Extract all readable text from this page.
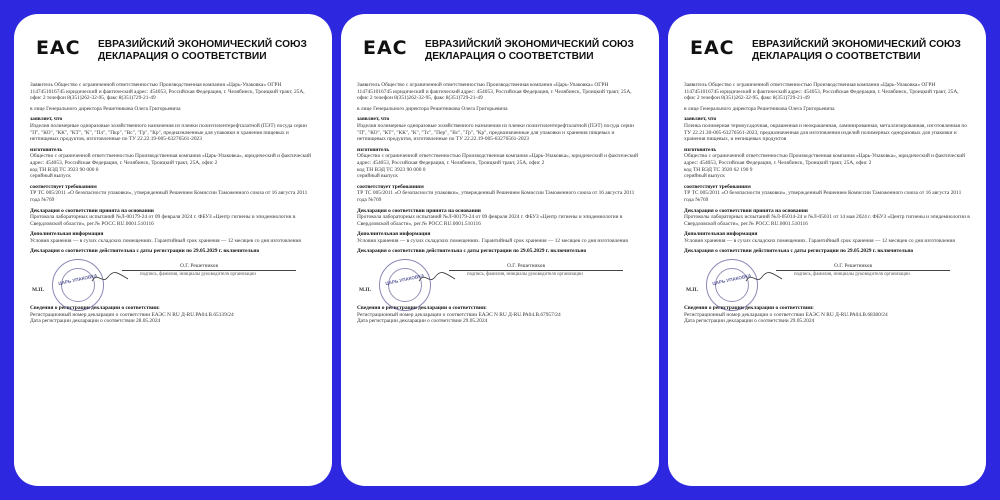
EAC ЕВРАЗИЙСКИЙ ЭКОНОМИЧЕСКИЙ СОЮЗ
ДЕКЛАРАЦИЯ О СООТВЕТСТВИИ
Заявитель Общество с ограниченной ответственностью Производственная компания «Царь-Упаковка» ОГРН 1147451016745 юридический и фактический адрес: 454053, Российская Федерация, г. Челябинск, Троицкий тракт, 25А, офис 2 телефон 8(351)262-32-95, факс 8(351)729-21-49
в лице Генерального директора Решетникова Олега Григорьевича
заявляет, что
Изделия полимерные одноразовые хозяйственного назначения из пленки полиэтилентерефталатной (ПЭТ) посуда серии "П", "КО", "КК", "КТ", "К", "Пл", "Пкр", "Вс", "Гр", "Кр", предназначенные для упаковки и хранения пищевых и нетпищевых продуктов, изготовленные по ТУ 22.22.19-005-63276561-2023
изготовитель
Общество с ограниченной ответственностью Производственная компания «Царь-Упаковка», юридический и фактический адрес: 454053, Российская Федерация, г. Челябинск, Троицкий тракт, 25А, офис 2
код ТН ВЭД ТС 3923 90 000 0
серийный выпуск
соответствует требованиям
ТР ТС 005/2011 «О безопасности упаковки», утвержденный Решением Комиссии Таможенного союза от 16 августа 2011 года №769
Декларация о соответствии принята на основании
Протокола лабораторных испытаний №Л-00179-24 от 09 февраля 2024 г. ФБУЗ «Центр гигиены и эпидемиологии в Свердловской области», рег.№ РОСС RU.0001.510116
Дополнительная информация
Условия хранения — в сухих складских помещениях. Гарантийный срок хранения — 12 месяцев со дня изготовления
Декларация о соответствии действительна с даты регистрации по 29.05.2029 г. включительно
ЦАРЬ УПАКОВКА
О.Г. Решетников
подпись, фамилия, инициалы руководителя организации
М.П.
Сведения о регистрации декларации о соответствии:
Регистрационный номер декларации о соответствии ЕАЭС N RU Д-RU.РА04.В.65139/24
Дата регистрации декларации о соответствии 28.05.2024
EAC ЕВРАЗИЙСКИЙ ЭКОНОМИЧЕСКИЙ СОЮЗ
ДЕКЛАРАЦИЯ О СООТВЕТСТВИИ
Заявитель Общество с ограниченной ответственностью Производственная компания «Царь-Упаковка» ОГРН 1147451016745 юридический и фактический адрес: 454053, Российская Федерация, г. Челябинск, Троицкий тракт, 25А, офис 2 телефон 8(351)262-32-95, факс 8(351)729-21-49
в лице Генерального директора Решетникова Олега Григорьевича
заявляет, что
Изделия полимерные одноразовые хозяйственного назначения из пленки полиэтилентерефталатной (ПЭТ) посуда серии "П", "КО", "КТ", "КК", "К", "Тс", "Пер", "Вс", "Гр", "Кр", предназначенные для упаковки и хранения пищевых и нетпищевых продуктов, изготовленные по ТУ 22.22.19-005-63276561-2023
изготовитель
Общество с ограниченной ответственностью Производственная компания «Царь-Упаковка», юридический и фактический адрес: 454053, Российская Федерация, г. Челябинск, Троицкий тракт, 25А, офис 2
код ТН ВЭД ТС 3923 90 000 0
серийный выпуск
соответствует требованиям
ТР ТС 005/2011 «О безопасности упаковки», утвержденный Решением Комиссии Таможенного союза от 16 августа 2011 года №769
Декларация о соответствии принята на основании
Протокола лабораторных испытаний №Л-00179-24 от 09 февраля 2024 г. ФБУЗ «Центр гигиены и эпидемиологии в Свердловской области», рег.№ РОСС RU.0001.510116
Дополнительная информация
Условия хранения — в сухих складских помещениях. Гарантийный срок хранения — 12 месяцев со дня изготовления
Декларация о соответствии действительна с даты регистрации по 29.05.2029 г. включительно
ЦАРЬ УПАКОВКА
О.Г. Решетников
подпись, фамилия, инициалы руководителя организации
М.П.
Сведения о регистрации декларации о соответствии:
Регистрационный номер декларации о соответствии ЕАЭС N RU Д-RU.РА04.В.67957/24
Дата регистрации декларации о соответствии 29.05.2024
EAC ЕВРАЗИЙСКИЙ ЭКОНОМИЧЕСКИЙ СОЮЗ
ДЕКЛАРАЦИЯ О СООТВЕТСТВИИ
Заявитель Общество с ограниченной ответственностью Производственная компания «Царь-Упаковка» ОГРН 1147451016745 юридический и фактический адрес: 454053, Российская Федерация, г. Челябинск, Троицкий тракт, 25А, офис 2 телефон 8(351)262-32-95, факс 8(351)729-21-49
в лице Генерального директора Решетникова Олега Григорьевича
заявляет, что
Пленка полимерная термоусадочная, окрашенная и неокрашенная, ламинированная, металлизированная, изготовленная по ТУ 22.21.30-005-63276561-2023, предназначенная для изготовления изделий полимерных одноразовых для упаковки и хранения пищевых, и непищевых продуктов
изготовитель
Общество с ограниченной ответственностью Производственная компания «Царь-Упаковка», юридический и фактический адрес: 454053, Российская Федерация, г. Челябинск, Троицкий тракт, 25А, офис 2
код ТН ВЭД ТС 3920 62 190 9
серийный выпуск
соответствует требованиям
ТР ТС 005/2011 «О безопасности упаковки», утвержденный Решением Комиссии Таможенного союза от 16 августа 2011 года №769
Декларация о соответствии принята на основании
Протоколы лабораторных испытаний №Л-05014-24 и №Л-05031 от 14 мая 2024 г. ФБУЗ «Центр гигиены и эпидемиологии в Свердловской области», рег.№ РОСС RU.0001.510116
Дополнительная информация
Условия хранения — в сухих складских помещениях. Гарантийный срок хранения — 12 месяцев со дня изготовления
Декларация о соответствии действительна с даты регистрации по 29.05.2029 г. включительно
ЦАРЬ УПАКОВКА
О.Г. Решетников
подпись, фамилия, инициалы руководителя организации
М.П.
Сведения о регистрации декларации о соответствии:
Регистрационный номер декларации о соответствии ЕАЭС N RU Д-RU.РА04.В.68380/24
Дата регистрации декларации о соответствии 29.05.2024
